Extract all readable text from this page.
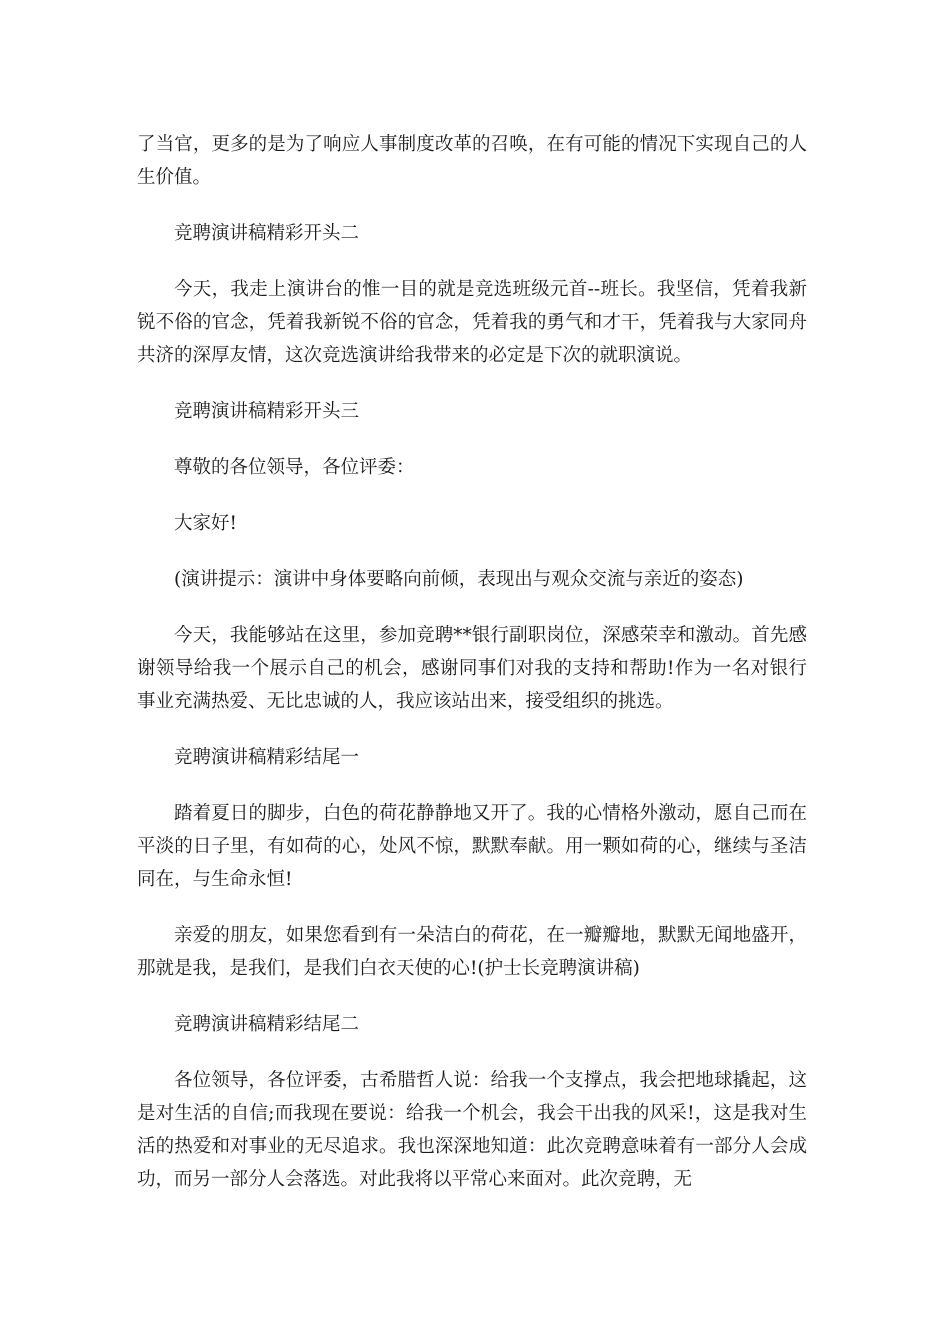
了当官，更多的是为了响应人事制度改革的召唤，在有可能的情况下实现自己的人生价值。

竞聘演讲稿精彩开头二

今天，我走上演讲台的惟一目的就是竞选班级元首--班长。我坚信，凭着我新锐不俗的官念，凭着我新锐不俗的官念，凭着我的勇气和才干，凭着我与大家同舟共济的深厚友情，这次竞选演讲给我带来的必定是下次的就职演说。

竞聘演讲稿精彩开头三

尊敬的各位领导，各位评委：

大家好!

(演讲提示：演讲中身体要略向前倾，表现出与观众交流与亲近的姿态)

今天，我能够站在这里，参加竞聘**银行副职岗位，深感荣幸和激动。首先感谢领导给我一个展示自己的机会，感谢同事们对我的支持和帮助!作为一名对银行事业充满热爱、无比忠诚的人，我应该站出来，接受组织的挑选。

竞聘演讲稿精彩结尾一

踏着夏日的脚步，白色的荷花静静地又开了。我的心情格外激动，愿自己而在平淡的日子里，有如荷的心，处风不惊，默默奉献。用一颗如荷的心，继续与圣洁同在，与生命永恒!

亲爱的朋友，如果您看到有一朵洁白的荷花，在一瓣瓣地，默默无闻地盛开，那就是我，是我们，是我们白衣天使的心!(护士长竞聘演讲稿)

竞聘演讲稿精彩结尾二

各位领导，各位评委，古希腊哲人说：给我一个支撑点，我会把地球撬起，这是对生活的自信;而我现在要说：给我一个机会，我会干出我的风采!，这是我对生活的热爱和对事业的无尽追求。我也深深地知道：此次竞聘意味着有一部分人会成功，而另一部分人会落选。对此我将以平常心来面对。此次竞聘，无
